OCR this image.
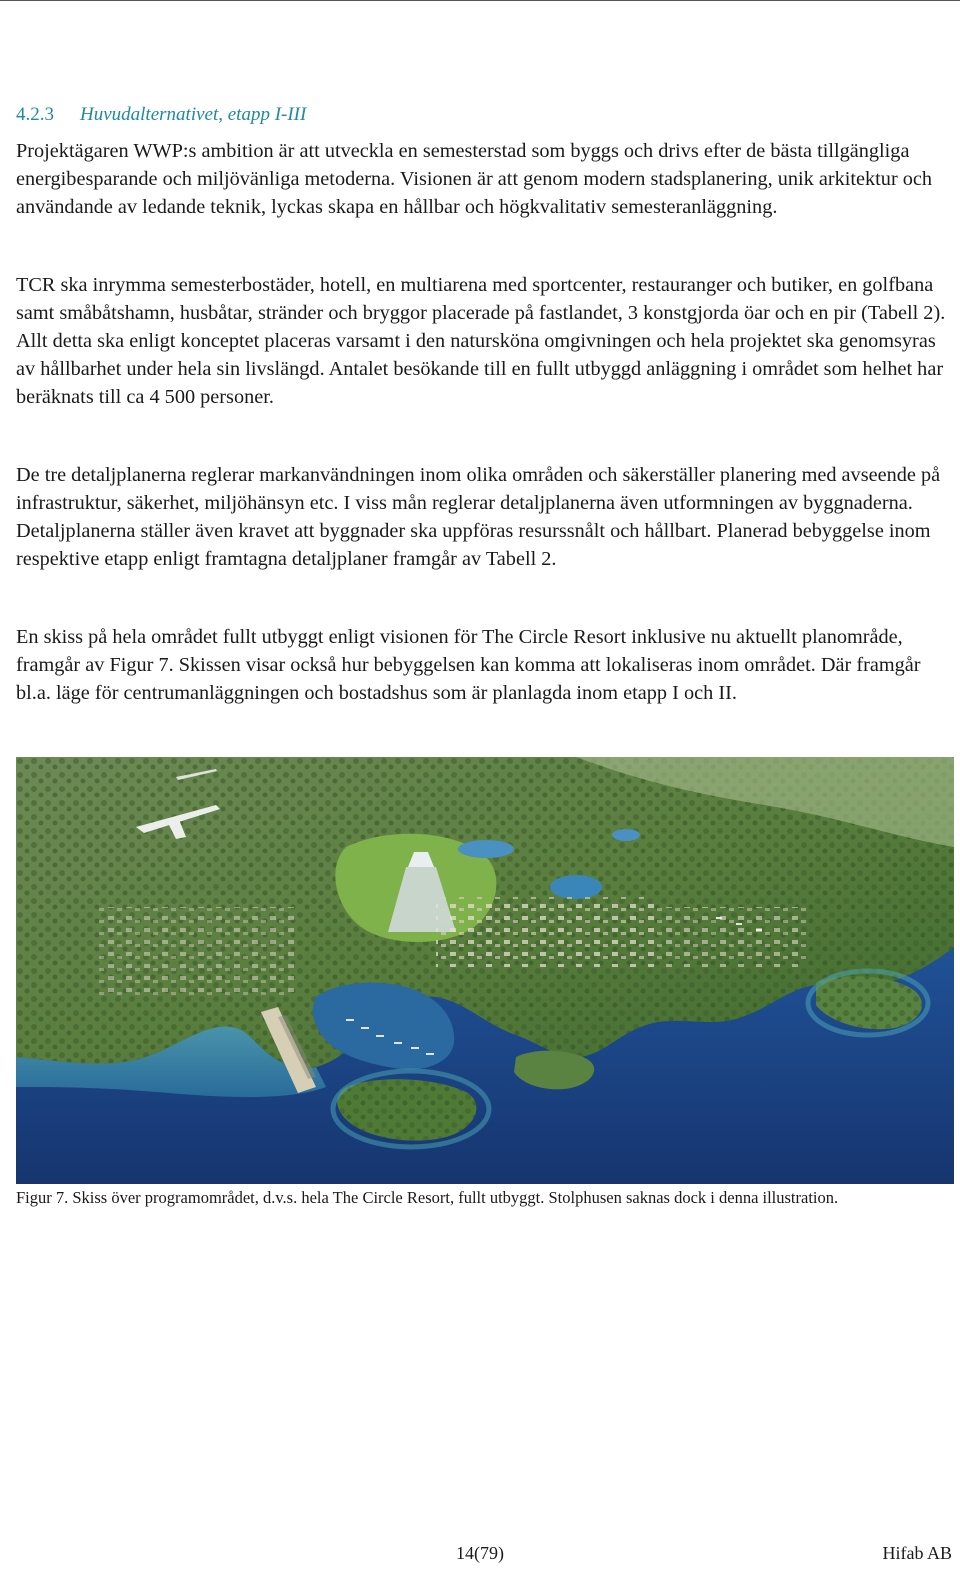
4.2.3 Huvudalternativet, etapp I-III

Projektägaren WWP:s ambition är att utveckla en semesterstad som byggs och drivs efter de bästa tillgängliga energibesparande och miljövänliga metoderna. Visionen är att genom modern stadsplanering, unik arkitektur och användande av ledande teknik, lyckas skapa en hållbar och högkvalitativ semesteranläggning.

TCR ska inrymma semesterbostäder, hotell, en multiarena med sportcenter, restauranger och butiker, en golfbana samt småbåtshamn, husbåtar, stränder och bryggor placerade på fastlandet, 3 konstgjorda öar och en pir (Tabell 2). Allt detta ska enligt konceptet placeras varsamt i den natursköna omgivningen och hela projektet ska genomsyras av hållbarhet under hela sin livslängd. Antalet besökande till en fullt utbyggd anläggning i området som helhet har beräknats till ca 4 500 personer.

De tre detaljplanerna reglerar markanvändningen inom olika områden och säkerställer planering med avseende på infrastruktur, säkerhet, miljöhänsyn etc. I viss mån reglerar detaljplanerna även utformningen av byggnaderna. Detaljplanerna ställer även kravet att byggnader ska uppföras resurssnålt och hållbart. Planerad bebyggelse inom respektive etapp enligt framtagna detaljplaner framgår av Tabell 2.

En skiss på hela området fullt utbyggt enligt visionen för The Circle Resort inklusive nu aktuellt planområde, framgår av Figur 7. Skissen visar också hur bebyggelsen kan komma att lokaliseras inom området. Där framgår bl.a. läge för centrumanläggningen och bostadshus som är planlagda inom etapp I och II.

Figur 7. Skiss över programområdet, d.v.s. hela The Circle Resort, fullt utbyggt. Stolphusen saknas dock i denna illustration.

14(79)	Hifab AB
